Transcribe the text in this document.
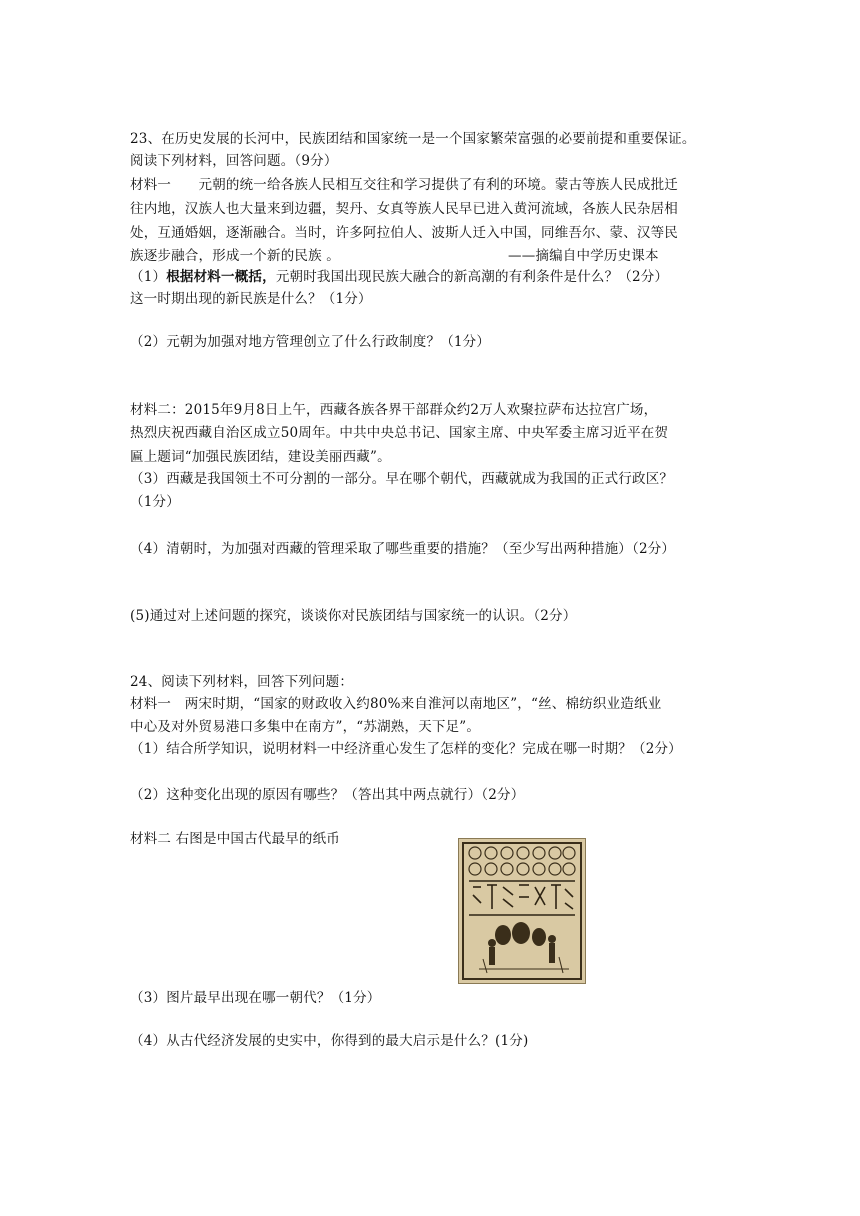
23、在历史发展的长河中，民族团结和国家统一是一个国家繁荣富强的必要前提和重要保证。
阅读下列材料，回答问题。（9分）
材料一　　元朝的统一给各族人民相互交往和学习提供了有利的环境。蒙古等族人民成批迁
往内地，汉族人也大量来到边疆，契丹、女真等族人民早已进入黄河流域，各族人民杂居相
处，互通婚姻，逐渐融合。当时，许多阿拉伯人、波斯人迁入中国，同维吾尔、蒙、汉等民
族逐步融合，形成一个新的民族 。	——摘编自中学历史课本
（1）根据材料一概括，元朝时我国出现民族大融合的新高潮的有利条件是什么？（2分）
这一时期出现的新民族是什么？（1分）
（2）元朝为加强对地方管理创立了什么行政制度？（1分）
材料二：2015年9月8日上午，西藏各族各界干部群众约2万人欢聚拉萨布达拉宫广场，
热烈庆祝西藏自治区成立50周年。中共中央总书记、国家主席、中央军委主席习近平在贺
匾上题词“加强民族团结，建设美丽西藏”。
（3）西藏是我国领土不可分割的一部分。早在哪个朝代，西藏就成为我国的正式行政区？
（1分）
（4）清朝时，为加强对西藏的管理采取了哪些重要的措施？（至少写出两种措施）（2分）
(5)通过对上述问题的探究，谈谈你对民族团结与国家统一的认识。（2分）
24、阅读下列材料，回答下列问题：
材料一　两宋时期，“国家的财政收入约80%来自淮河以南地区”，“丝、棉纺织业造纸业
中心及对外贸易港口多集中在南方”，“苏湖熟，天下足”。
（1）结合所学知识，说明材料一中经济重心发生了怎样的变化？完成在哪一时期？（2分）
（2）这种变化出现的原因有哪些？（答出其中两点就行）（2分）
材料二 右图是中国古代最早的纸币
（3）图片最早出现在哪一朝代？（1分）
（4）从古代经济发展的史实中，你得到的最大启示是什么？(1分)
